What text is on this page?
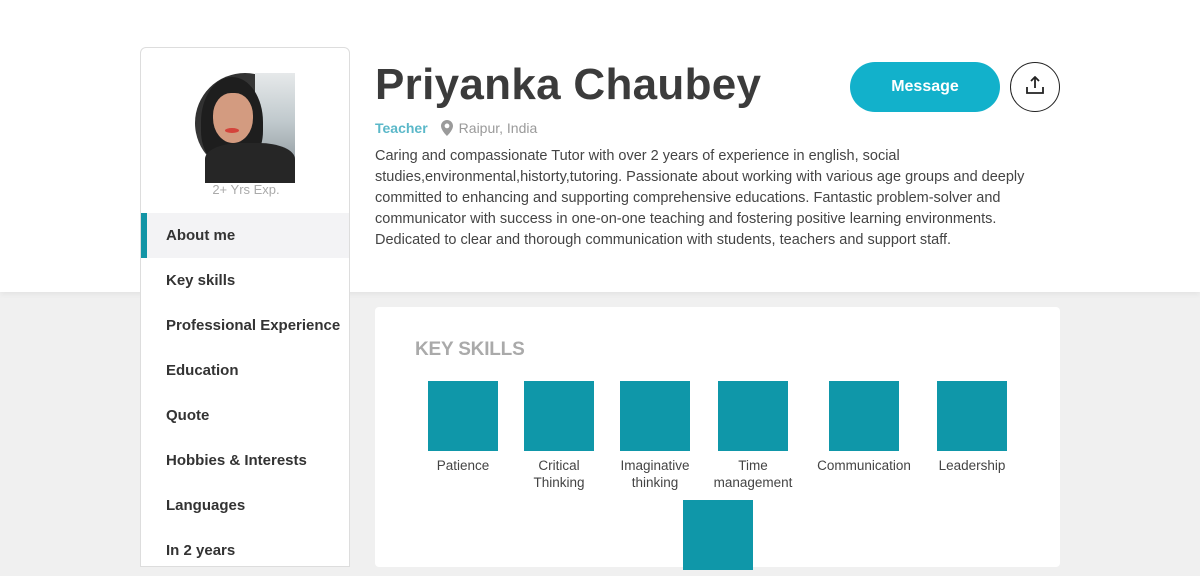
2+ Yrs Exp.
About me
Key skills
Professional Experience
Education
Quote
Hobbies & Interests
Languages
In 2 years
Priyanka Chaubey
Teacher Raipur, India

Caring and compassionate Tutor with over 2 years of experience in english, social studies,environmental,historty,tutoring. Passionate about working with various age groups and deeply committed to enhancing and supporting comprehensive educations. Fantastic problem-solver and communicator with success in one-on-one teaching and fostering positive learning environments. Dedicated to clear and thorough communication with students, teachers and support staff.

Message
KEY SKILLS
Patience	Critical Thinking
Imaginative thinking
Time management
Communication	Leadership
